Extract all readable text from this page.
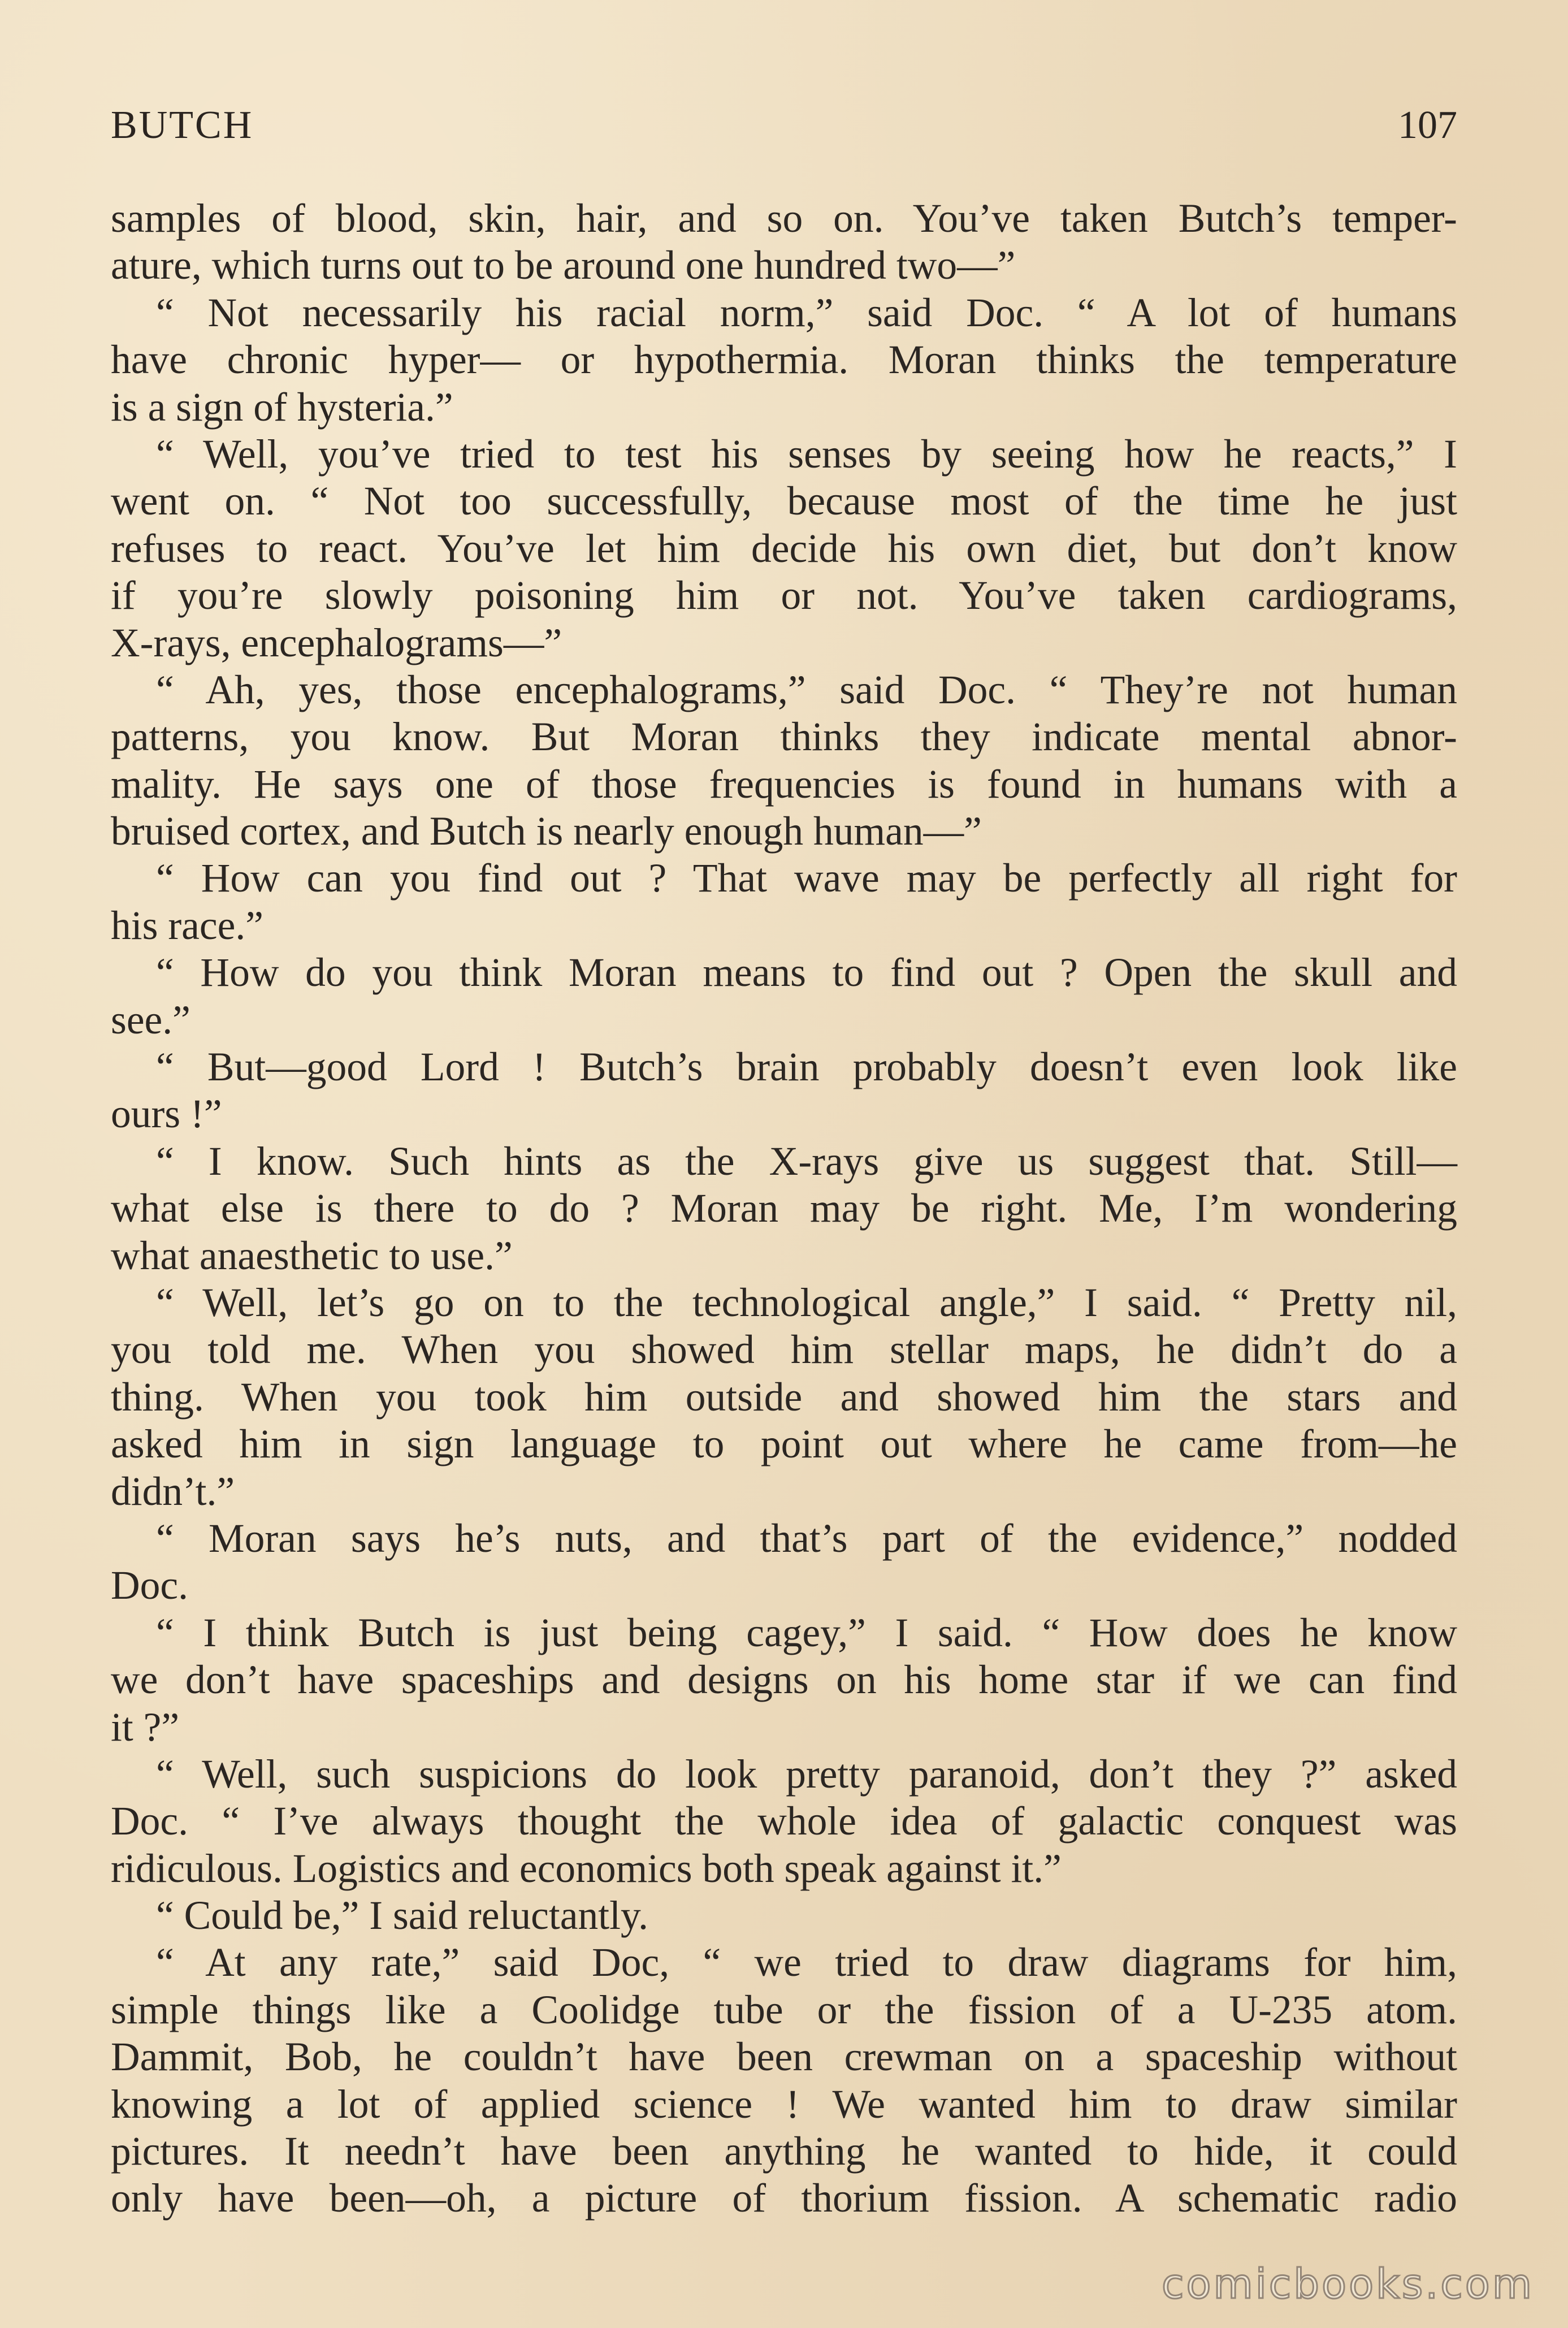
BUTCH	107
samples of blood, skin, hair, and so on. You’ve taken Butch’s temper-
ature, which turns out to be around one hundred two—”
“ Not necessarily his racial norm,” said Doc. “ A lot of humans
have chronic hyper— or hypothermia. Moran thinks the temperature
is a sign of hysteria.”
“ Well, you’ve tried to test his senses by seeing how he reacts,” I
went on. “ Not too successfully, because most of the time he just
refuses to react. You’ve let him decide his own diet, but don’t know
if you’re slowly poisoning him or not. You’ve taken cardiograms,
X-rays, encephalograms—”
“ Ah, yes, those encephalograms,” said Doc. “ They’re not human
patterns, you know. But Moran thinks they indicate mental abnor-
mality. He says one of those frequencies is found in humans with a
bruised cortex, and Butch is nearly enough human—”
“ How can you find out ? That wave may be perfectly all right for
his race.”
“ How do you think Moran means to find out ? Open the skull and
see.”
“ But—good Lord ! Butch’s brain probably doesn’t even look like
ours !”
“ I know. Such hints as the X-rays give us suggest that. Still—
what else is there to do ? Moran may be right. Me, I’m wondering
what anaesthetic to use.”
“ Well, let’s go on to the technological angle,” I said. “ Pretty nil,
you told me. When you showed him stellar maps, he didn’t do a
thing. When you took him outside and showed him the stars and
asked him in sign language to point out where he came from—he
didn’t.”
“ Moran says he’s nuts, and that’s part of the evidence,” nodded
Doc.
“ I think Butch is just being cagey,” I said. “ How does he know
we don’t have spaceships and designs on his home star if we can find
it ?”
“ Well, such suspicions do look pretty paranoid, don’t they ?” asked
Doc. “ I’ve always thought the whole idea of galactic conquest was
ridiculous. Logistics and economics both speak against it.”
“ Could be,” I said reluctantly.
“ At any rate,” said Doc, “ we tried to draw diagrams for him,
simple things like a Coolidge tube or the fission of a U-235 atom.
Dammit, Bob, he couldn’t have been crewman on a spaceship without
knowing a lot of applied science ! We wanted him to draw similar
pictures. It needn’t have been anything he wanted to hide, it could
only have been—oh, a picture of thorium fission. A schematic radio
comicbooks.com
